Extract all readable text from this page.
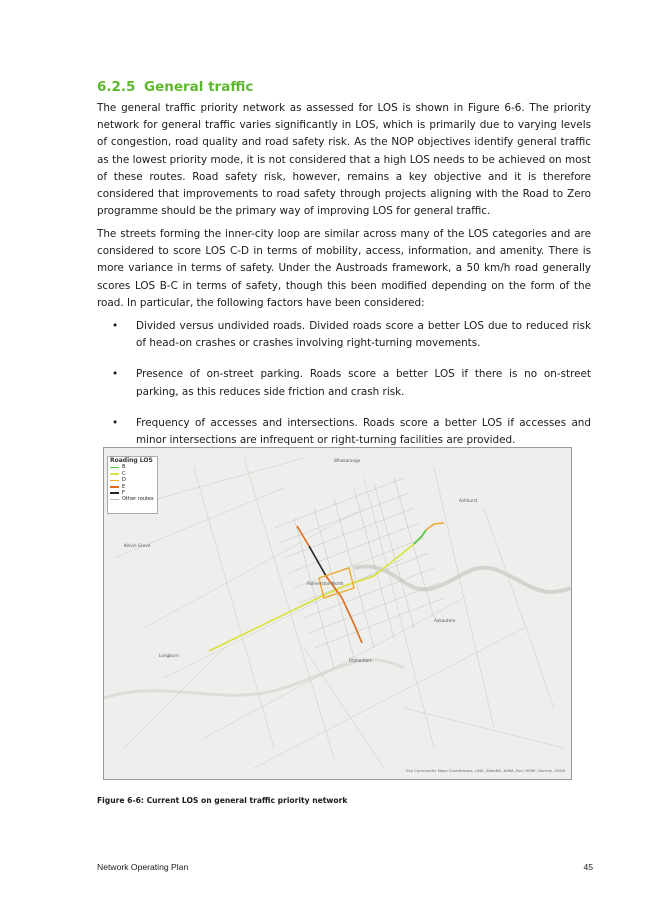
6.2.5 General traffic

The general traffic priority network as assessed for LOS is shown in Figure 6-6. The priority network for general traffic varies significantly in LOS, which is primarily due to varying levels of congestion, road quality and road safety risk. As the NOP objectives identify general traffic as the lowest priority mode, it is not considered that a high LOS needs to be achieved on most of these routes. Road safety risk, however, remains a key objective and it is therefore considered that improvements to road safety through projects aligning with the Road to Zero programme should be the primary way of improving LOS for general traffic.

The streets forming the inner-city loop are similar across many of the LOS categories and are considered to score LOS C-D in terms of mobility, access, information, and amenity. There is more variance in terms of safety. Under the Austroads framework, a 50 km/h road generally scores LOS B-C in terms of safety, though this been modified depending on the form of the road. In particular, the following factors have been considered:

• Divided versus undivided roads. Divided roads score a better LOS due to reduced risk of head-on crashes or crashes involving right-turning movements.
• Presence of on-street parking. Roads score a better LOS if there is no on-street parking, as this reduces side friction and crash risk.
• Frequency of accesses and intersections. Roads score a better LOS if accesses and minor intersections are infrequent or right-turning facilities are provided.
Roading LOS
B
C
D
E
F
Other routes
Palmerston North
Ashhurst
Longburn
Aokautere
Fitzherbert
Whakarongo
Kelvin Grove
Esri Community Maps Contributors, LINZ, StatsNZ, NIWA, Esri, HERE, Garmin, USGS
Figure 6-6: Current LOS on general traffic priority network
Network Operating Plan	45
